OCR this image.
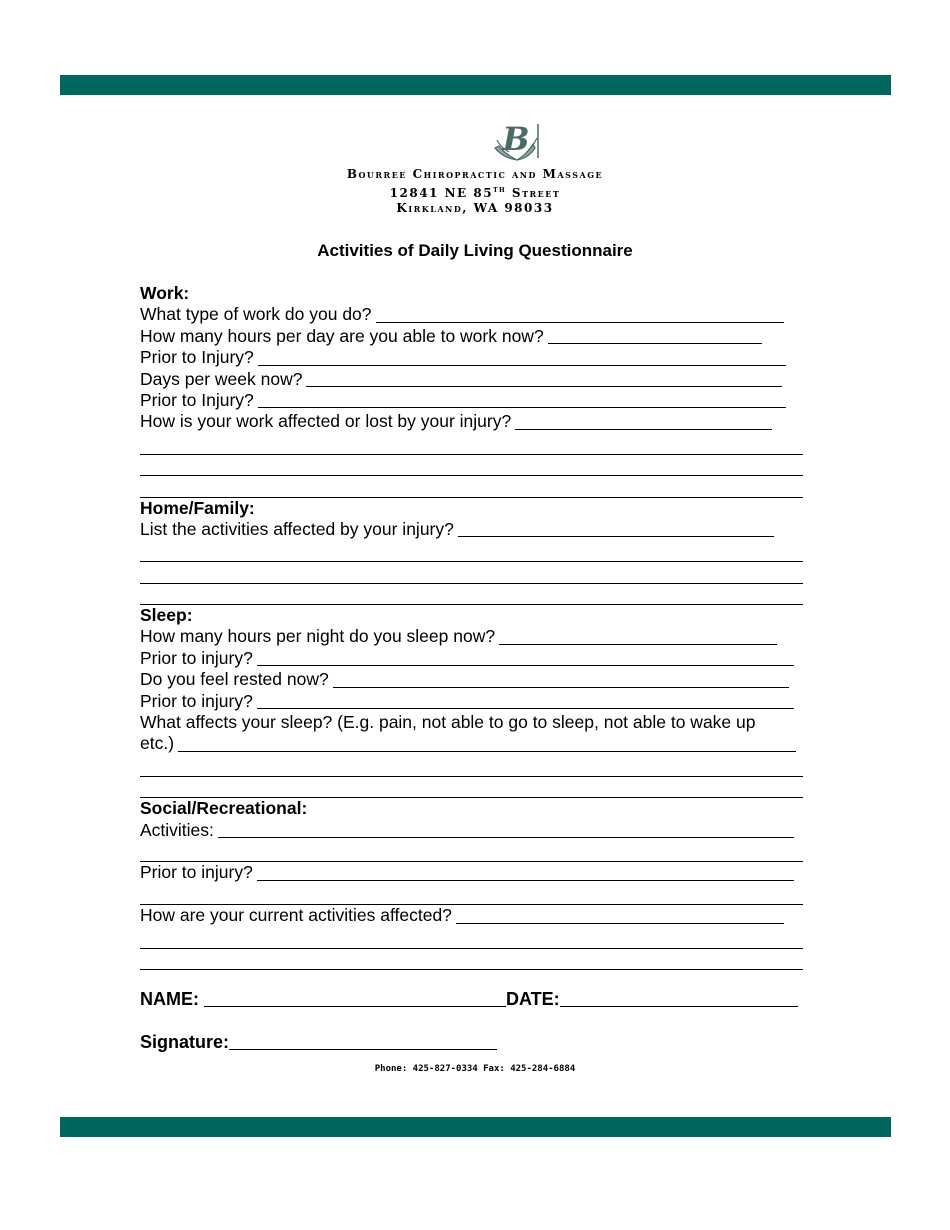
B
Bourree Chiropractic and Massage
12841 NE 85th Street
Kirkland, WA 98033
Activities of Daily Living Questionnaire
Work:
What type of work do you do?
How many hours per day are you able to work now?
Prior to Injury?
Days per week now?
Prior to Injury?
How is your work affected or lost by your injury?
Home/Family:
List the activities affected by your injury?
Sleep:
How many hours per night do you sleep now?
Prior to injury?
Do you feel rested now?
Prior to injury?
What affects your sleep? (E.g. pain, not able to go to sleep, not able to wake up
etc.)
Social/Recreational:
Activities:
Prior to injury?
How are your current activities affected?
NAME:	DATE:
Signature:
Phone: 425-827-0334 Fax: 425-284-6884
